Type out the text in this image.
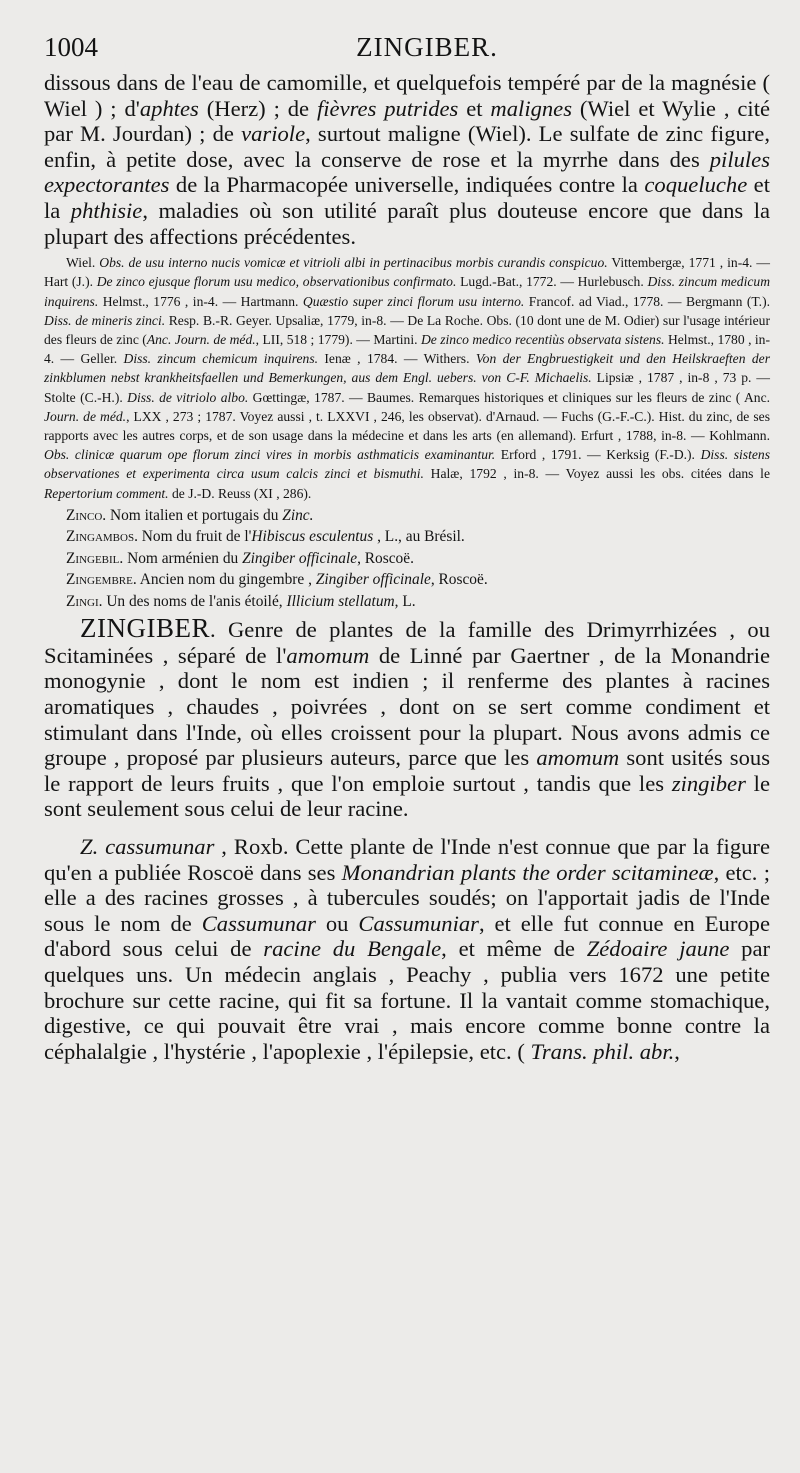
1004	ZINGIBER.

dissous dans de l'eau de camomille, et quelquefois tempéré par de la magnésie ( Wiel ) ; d'aphtes (Herz) ; de fièvres putrides et malignes (Wiel et Wylie , cité par M. Jourdan) ; de variole, surtout maligne (Wiel). Le sulfate de zinc figure, enfin, à petite dose, avec la conserve de rose et la myrrhe dans des pilules expectorantes de la Pharmacopée universelle, indiquées contre la coqueluche et la phthisie, maladies où son utilité paraît plus douteuse encore que dans la plupart des affections précédentes.

Wiel. Obs. de usu interno nucis vomicæ et vitrioli albi in pertinacibus morbis curandis conspicuo. Vittembergæ, 1771 , in-4. — Hart (J.). De zinco ejusque florum usu medico, observationibus confirmato. Lugd.-Bat., 1772. — Hurlebusch. Diss. zincum medicum inquirens. Helmst., 1776 , in-4. — Hartmann. Quæstio super zinci florum usu interno. Francof. ad Viad., 1778. — Bergmann (T.). Diss. de mineris zinci. Resp. B.-R. Geyer. Upsaliæ, 1779, in-8. — De La Roche. Obs. (10 dont une de M. Odier) sur l'usage intérieur des fleurs de zinc (Anc. Journ. de méd., LII, 518 ; 1779). — Martini. De zinco medico recentiùs observata sistens. Helmst., 1780 , in-4. — Geller. Diss. zincum chemicum inquirens. Ienæ , 1784. — Withers. Von der Engbruestigkeit und den Heilskraeften der zinkblumen nebst krankheitsfaellen und Bemerkungen, aus dem Engl. uebers. von C-F. Michaelis. Lipsiæ , 1787 , in-8 , 73 p. — Stolte (C.-H.). Diss. de vitriolo albo. Gœttingæ, 1787. — Baumes. Remarques historiques et cliniques sur les fleurs de zinc ( Anc. Journ. de méd., LXX , 273 ; 1787. Voyez aussi , t. LXXVI , 246, les observat). d'Arnaud. — Fuchs (G.-F.-C.). Hist. du zinc, de ses rapports avec les autres corps, et de son usage dans la médecine et dans les arts (en allemand). Erfurt , 1788, in-8. — Kohlmann. Obs. clinicæ quarum ope florum zinci vires in morbis asthmaticis examinantur. Erford , 1791. — Kerksig (F.-D.). Diss. sistens observationes et experimenta circa usum calcis zinci et bismuthi. Halæ, 1792 , in-8. — Voyez aussi les obs. citées dans le Repertorium comment. de J.-D. Reuss (XI , 286).

Zinco. Nom italien et portugais du Zinc.

Zingambos. Nom du fruit de l'Hibiscus esculentus , L., au Brésil.

Zingebil. Nom arménien du Zingiber officinale, Roscoë.

Zingembre. Ancien nom du gingembre , Zingiber officinale, Roscoë.

Zingi. Un des noms de l'anis étoilé, Illicium stellatum, L.

ZINGIBER. Genre de plantes de la famille des Drimyrrhizées , ou Scitaminées , séparé de l'amomum de Linné par Gaertner , de la Monandrie monogynie , dont le nom est indien ; il renferme des plantes à racines aromatiques , chaudes , poivrées , dont on se sert comme condiment et stimulant dans l'Inde, où elles croissent pour la plupart. Nous avons admis ce groupe , proposé par plusieurs auteurs, parce que les amomum sont usités sous le rapport de leurs fruits , que l'on emploie surtout , tandis que les zingiber le sont seulement sous celui de leur racine.

Z. cassumunar , Roxb. Cette plante de l'Inde n'est connue que par la figure qu'en a publiée Roscoë dans ses Monandrian plants the order scitamineæ, etc. ; elle a des racines grosses , à tubercules soudés; on l'apportait jadis de l'Inde sous le nom de Cassumunar ou Cassumuniar, et elle fut connue en Europe d'abord sous celui de racine du Bengale, et même de Zédoaire jaune par quelques uns. Un médecin anglais , Peachy , publia vers 1672 une petite brochure sur cette racine, qui fit sa fortune. Il la vantait comme stomachique, digestive, ce qui pouvait être vrai , mais encore comme bonne contre la céphalalgie , l'hystérie , l'apoplexie , l'épilepsie, etc. ( Trans. phil. abr.,
